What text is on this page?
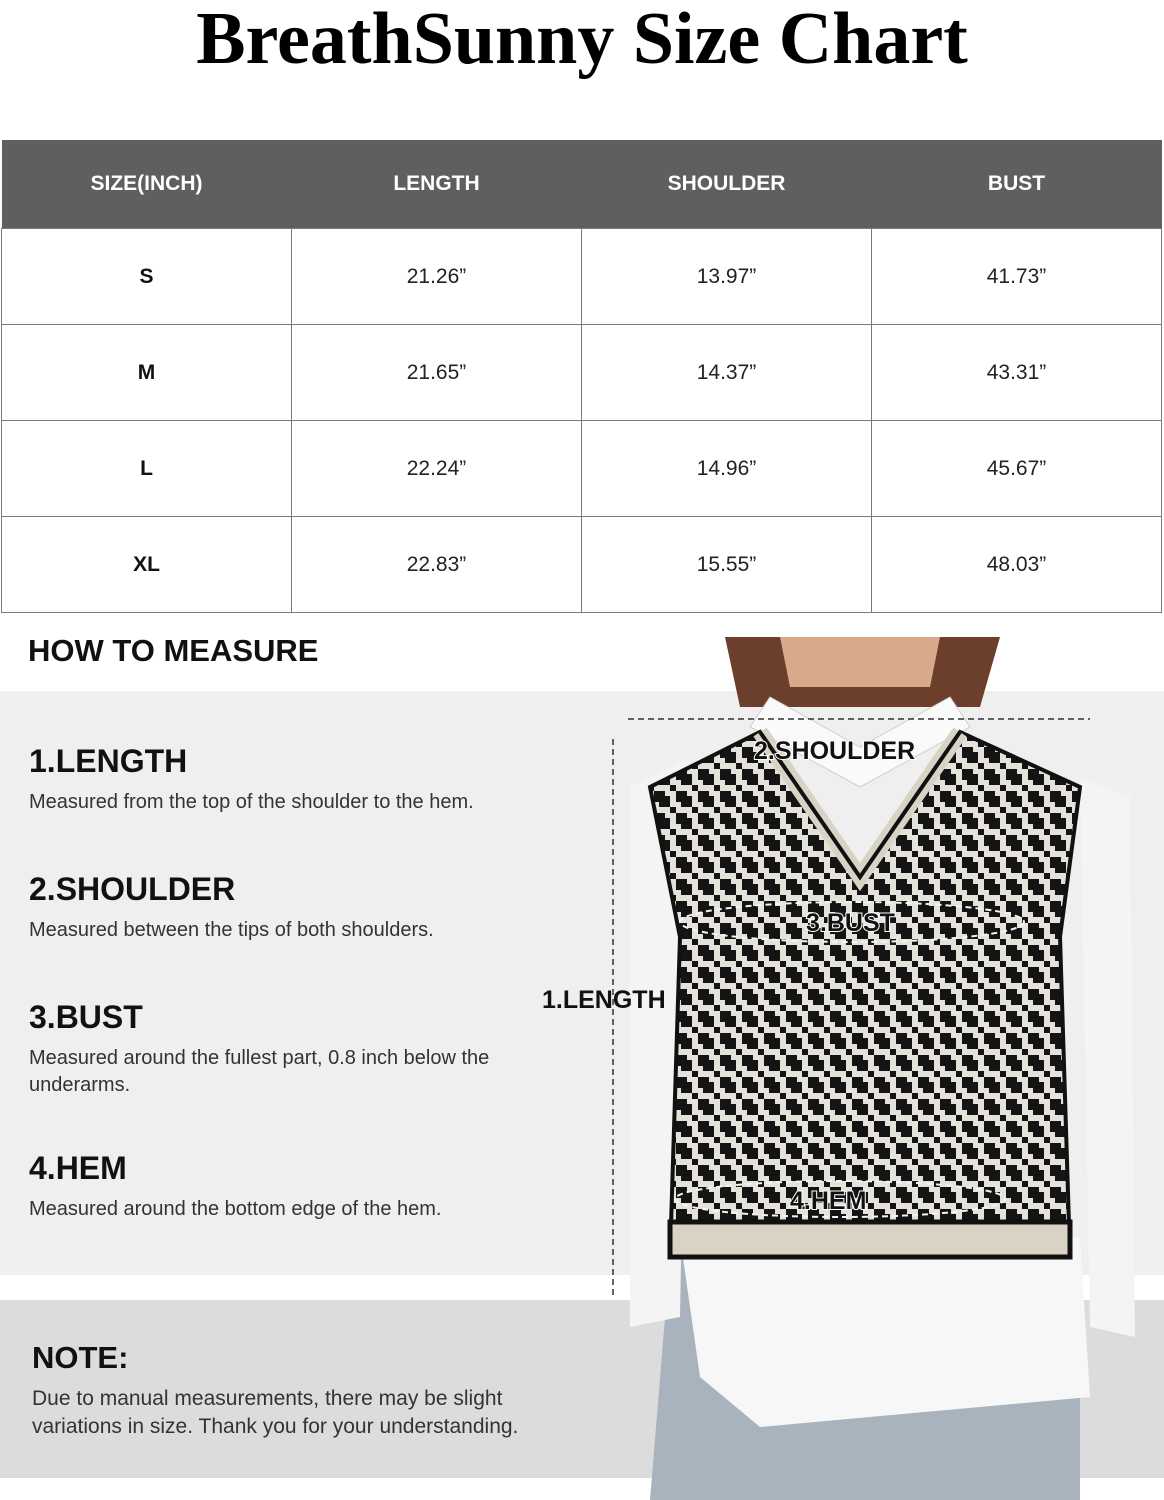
BreathSunny Size Chart
SIZE(INCH)	LENGTH	SHOULDER	BUST
S	21.26”	13.97”	41.73”
M	21.65”	14.37”	43.31”
L	22.24”	14.96”	45.67”
XL	22.83”	15.55”	48.03”
HOW TO MEASURE
1.LENGTH
Measured from the top of the shoulder to the hem.
2.SHOULDER
Measured between the tips of both shoulders.
3.BUST
Measured around the fullest part, 0.8 inch below the underarms.
4.HEM
Measured around the bottom edge of the hem.
NOTE:
Due to manual measurements, there may be slight variations in size. Thank you for your understanding.
2.SHOULDER
3.BUST
4.HEM
1.LENGTH
